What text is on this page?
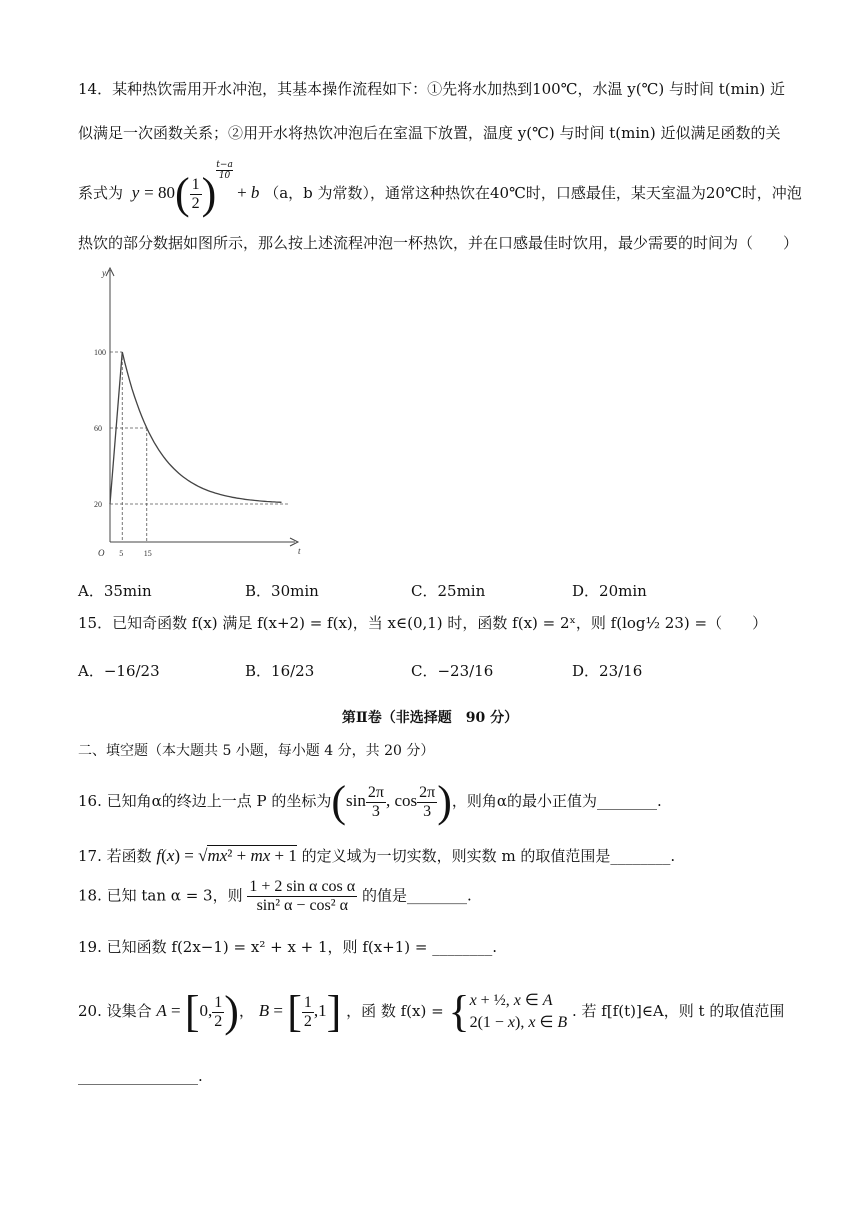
14．某种热饮需用开水冲泡，其基本操作流程如下：①先将水加热到100℃，水温 y(℃) 与时间 t(min) 近
似满足一次函数关系；②用开水将热饮冲泡后在室温下放置，温度 y(℃) 与时间 t(min) 近似满足函数的关
系式为 $y = 80( \frac{1}{2}$ ) $^{\frac{t-a}{10}}$
+ b （a，b 为常数），通常这种热饮在40℃时，口感最佳，某天室温为20℃时，冲泡
热饮的部分数据如图所示，那么按上述流程冲泡一杯热饮，并在口感最佳时饮用，最少需要的时间为（　　）
y
t
O
20
60
100
5	15
A．35min	B．30min	C．25min	D．20min
15．已知奇函数 f(x) 满足 f(x+2) = f(x)，当 x∈(0,1) 时，函数 f(x) = 2ˣ，则 f(log½ 23) =（　　）
A．−16/23	B．16/23	C．−23/16	D．23/16
第Ⅱ卷（非选择题　90 分）
二、填空题（本大题共 5 小题，每小题 4 分，共 20 分）
16. 已知角α的终边上一点 P 的坐标为($\sin \frac{2\pi}{3}$ , $\cos \frac{2\pi}{3}$ )，则角α的最小正值为________.
17. 若函数 f(x) = √mx² + mx + 1 的定义域为一切实数，则实数 m 的取值范围是________.
18. 已知 tan α = 3，则 $\frac{\text{1 + 2 sin α cos α}}{\text{sin² α − cos² α}}$ 的值是________.
19. 已知函数 f(2x−1) = x² + x + 1，则 f(x+1) = ________.
20. 设集合 A = [0, $\frac{1}{2}$ )， B = [ $\frac{1}{2} ,1$] ，函 数 f(x) = { x + ½, x ∈ A
2(1 − x), x ∈ B
. 若 f[f(t)]∈A，则 t 的取值范围
________________.
